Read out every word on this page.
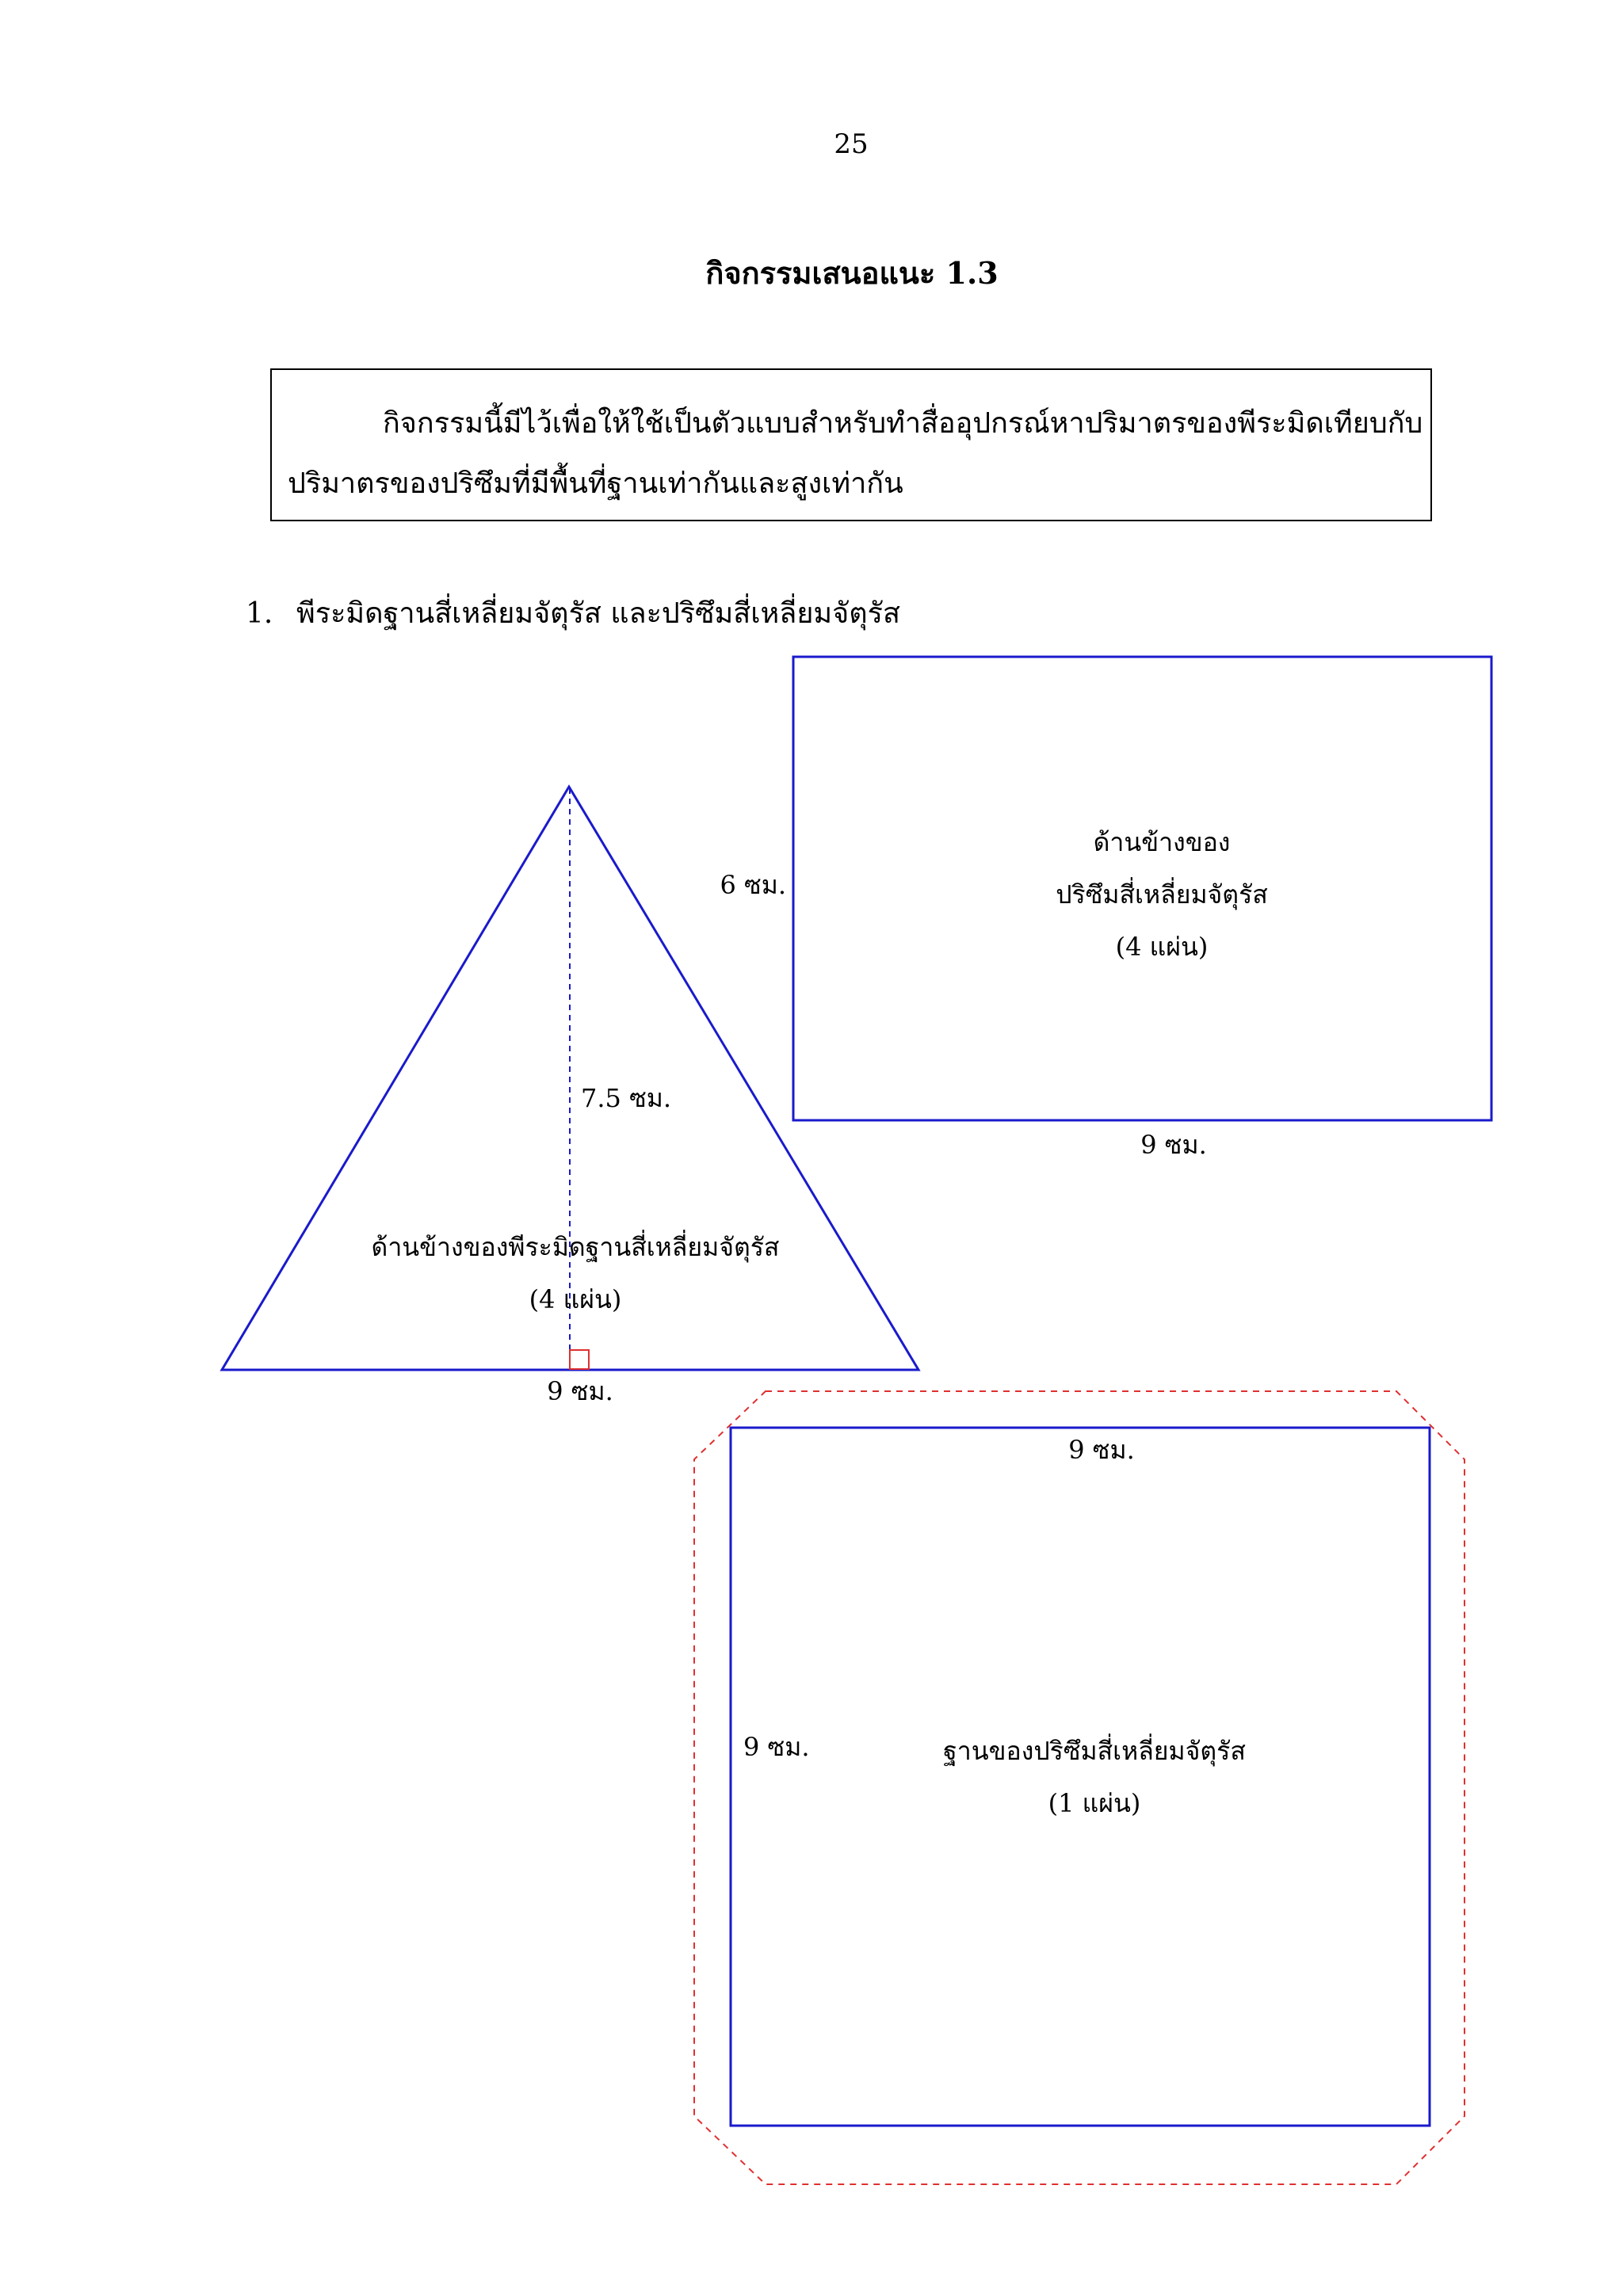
25
กิจกรรมเสนอแนะ 1.3
กิจกรรมนี้มีไว้เพื่อให้ใช้เป็นตัวแบบสำหรับทำสื่ออุปกรณ์หาปริมาตรของพีระมิดเทียบกับ
ปริมาตรของปริซึมที่มีพื้นที่ฐานเท่ากันและสูงเท่ากัน
1. พีระมิดฐานสี่เหลี่ยมจัตุรัส และปริซึมสี่เหลี่ยมจัตุรัส
7.5 ซม.
9 ซม.
ด้านข้างของพีระมิดฐานสี่เหลี่ยมจัตุรัส
(4 แผ่น)
6 ซม.
9 ซม.
ด้านข้างของ
ปริซึมสี่เหลี่ยมจัตุรัส
(4 แผ่น)
9 ซม.
9 ซม.	ฐานของปริซึมสี่เหลี่ยมจัตุรัส
(1 แผ่น)
